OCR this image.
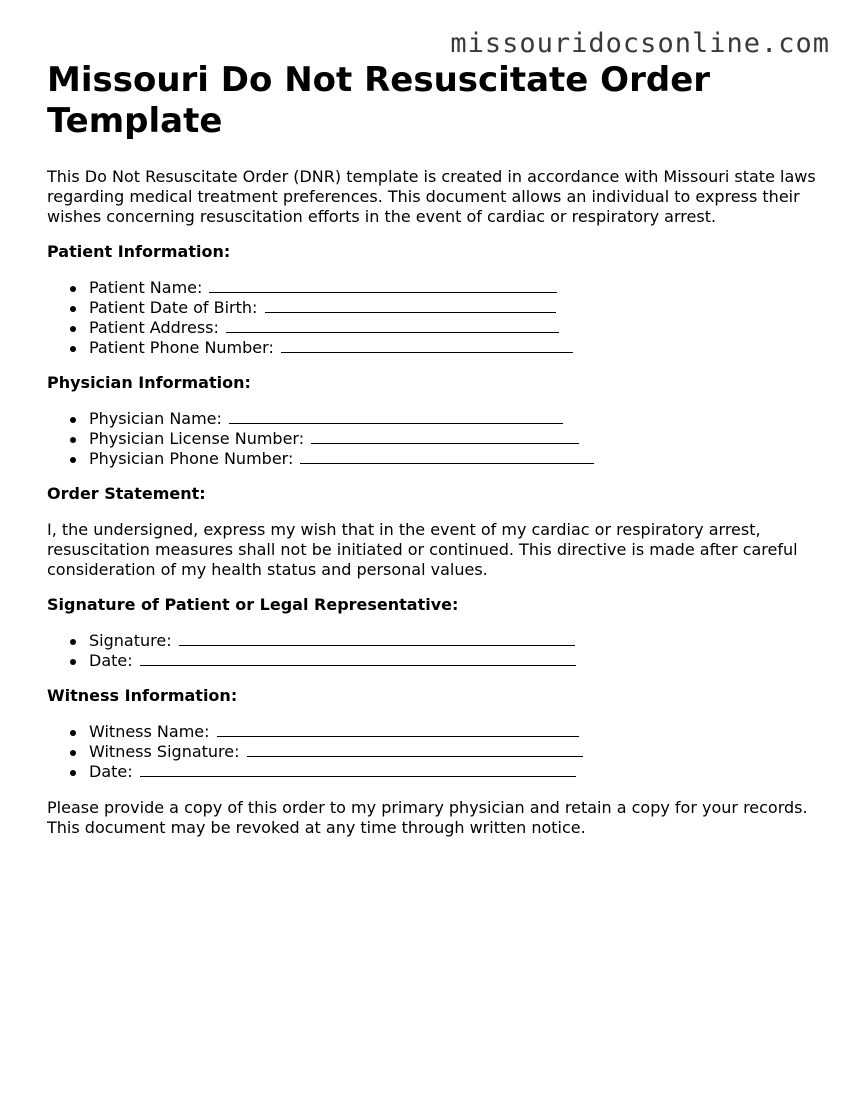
missouridocsonline.com
Missouri Do Not Resuscitate Order Template

This Do Not Resuscitate Order (DNR) template is created in accordance with Missouri state laws regarding medical treatment preferences. This document allows an individual to express their wishes concerning resuscitation efforts in the event of cardiac or respiratory arrest.

Patient Information:
Patient Name:
Patient Date of Birth:
Patient Address:
Patient Phone Number:
Physician Information:
Physician Name:
Physician License Number:
Physician Phone Number:
Order Statement:

I, the undersigned, express my wish that in the event of my cardiac or respiratory arrest, resuscitation measures shall not be initiated or continued. This directive is made after careful consideration of my health status and personal values.

Signature of Patient or Legal Representative:
Signature:
Date:
Witness Information:
Witness Name:
Witness Signature:
Date:

Please provide a copy of this order to my primary physician and retain a copy for your records. This document may be revoked at any time through written notice.
